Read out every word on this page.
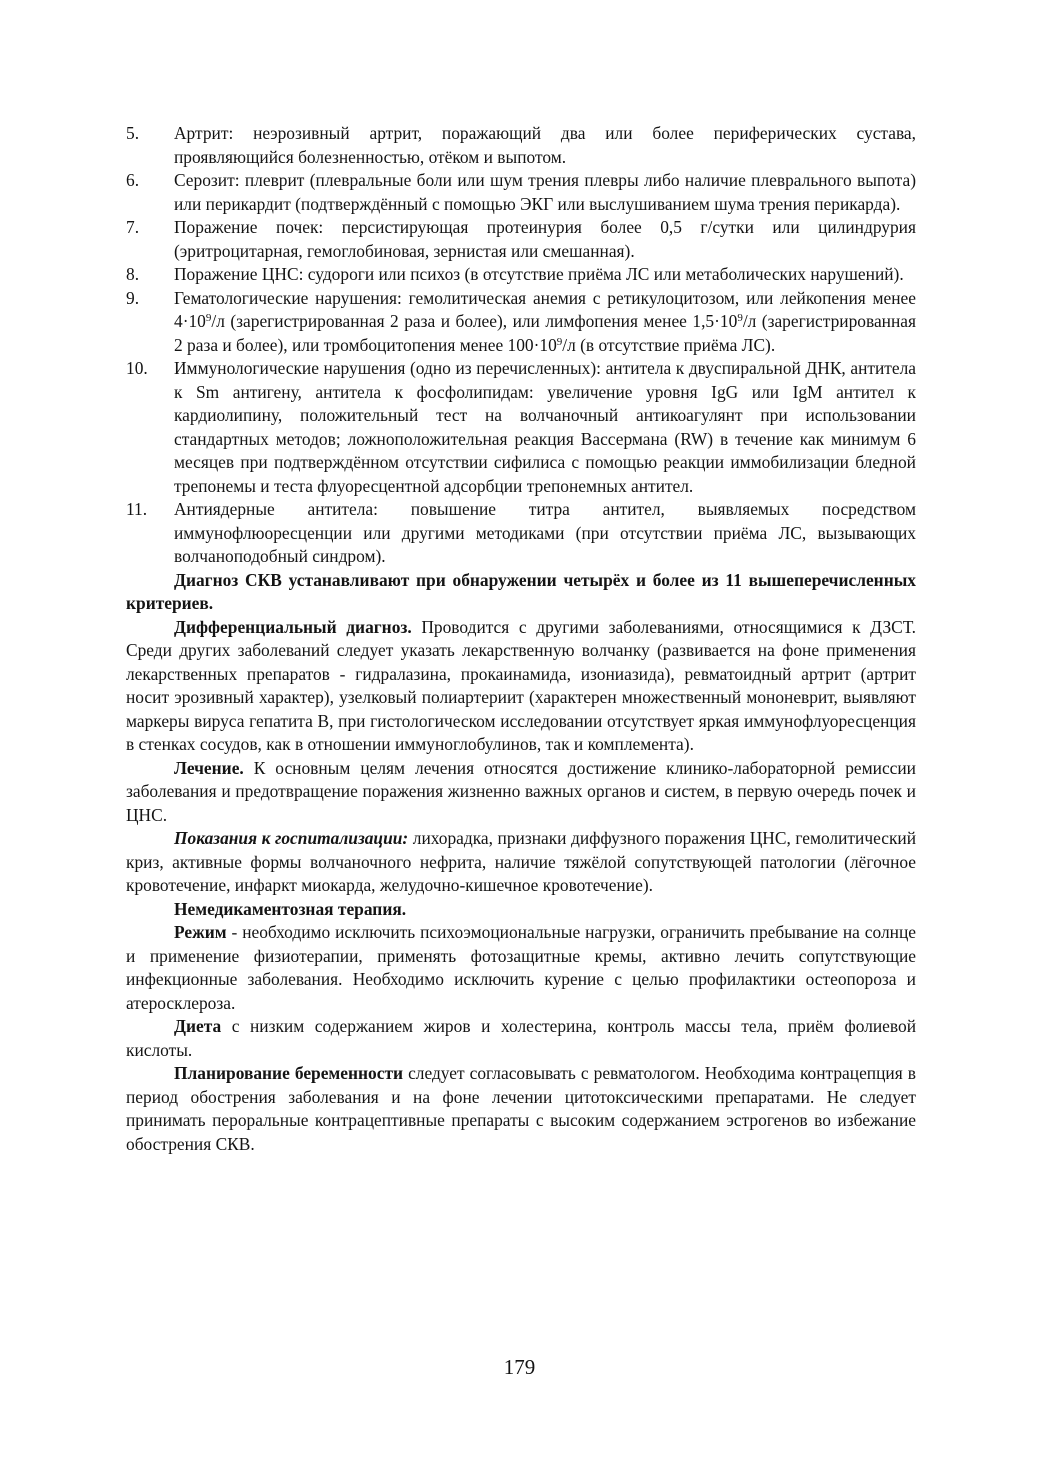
5.	Артрит: неэрозивный артрит, поражающий два или более периферических сустава, проявляющийся болезненностью, отёком и выпотом.
6.	Серозит: плеврит (плевральные боли или шум трения плевры либо наличие плеврального выпота) или перикардит (подтверждённый с помощью ЭКГ или выслушиванием шума трения перикарда).
7.	Поражение почек: персистирующая протеинурия более 0,5 г/сутки или цилиндрурия (эритроцитарная, гемоглобиновая, зернистая или смешанная).
8.	Поражение ЦНС: судороги или психоз (в отсутствие приёма ЛС или метаболических нарушений).
9.	Гематологические нарушения: гемолитическая анемия с ретикулоцитозом, или лейкопения менее $4\cdot 10^9/л$ (зарегистрированная 2 раза и более), или лимфопения менее $1,5\cdot 10^9/л$ (зарегистрированная 2 раза и более), или тромбоцитопения менее $100\cdot 10^9/л$ (в отсутствие приёма ЛС).
10.	Иммунологические нарушения (одно из перечисленных): антитела к двуспиральной ДНК, антитела к Sm антигену, антитела к фосфолипидам: увеличение уровня IgG или IgM антител к кардиолипину, положительный тест на волчаночный антикоагулянт при использовании стандартных методов; ложноположительная реакция Вассермана (RW) в течение как минимум 6 месяцев при подтверждённом отсутствии сифилиса с помощью реакции иммобилизации бледной трепонемы и теста флуоресцентной адсорбции трепонемных антител.
11.	Антиядерные антитела: повышение титра антител, выявляемых посредством иммунофлюоресценции или другими методиками (при отсутствии приёма ЛС, вызывающих волчаноподобный синдром).

Диагноз СКВ устанавливают при обнаружении четырёх и более из 11 вышеперечисленных критериев.

Дифференциальный диагноз. Проводится с другими заболеваниями, относящимися к ДЗСТ. Среди других заболеваний следует указать лекарственную волчанку (развивается на фоне применения лекарственных препаратов - гидралазина, прокаинамида, изониазида), ревматоидный артрит (артрит носит эрозивный характер), узелковый полиартериит (характерен множественный мононеврит, выявляют маркеры вируса гепатита В, при гистологическом исследовании отсутствует яркая иммунофлуоресценция в стенках сосудов, как в отношении иммуноглобулинов, так и комплемента).

Лечение. К основным целям лечения относятся достижение клинико-лабораторной ремиссии заболевания и предотвращение поражения жизненно важных органов и систем, в первую очередь почек и ЦНС.

Показания к госпитализации: лихорадка, признаки диффузного поражения ЦНС, гемолитический криз, активные формы волчаночного нефрита, наличие тяжёлой сопутствующей патологии (лёгочное кровотечение, инфаркт миокарда, желудочно-кишечное кровотечение).

Немедикаментозная терапия.

Режим - необходимо исключить психоэмоциональные нагрузки, ограничить пребывание на солнце и применение физиотерапии, применять фотозащитные кремы, активно лечить сопутствующие инфекционные заболевания. Необходимо исключить курение с целью профилактики остеопороза и атеросклероза.

Диета с низким содержанием жиров и холестерина, контроль массы тела, приём фолиевой кислоты.

Планирование беременности следует согласовывать с ревматологом. Необходима контрацепция в период обострения заболевания и на фоне лечении цитотоксическими препаратами. Не следует принимать пероральные контрацептивные препараты с высоким содержанием эстрогенов во избежание обострения СКВ.

179
